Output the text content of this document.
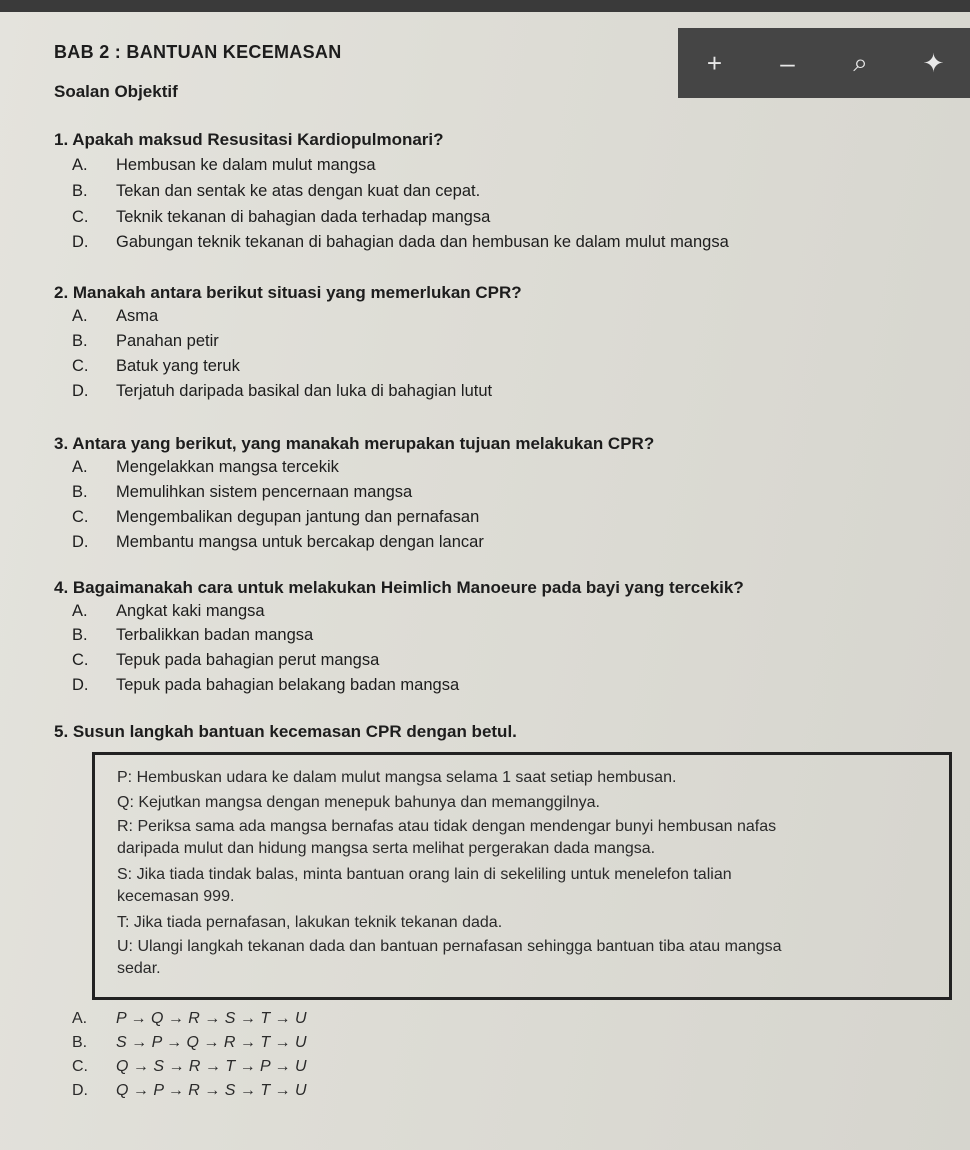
+	–	⌕	✦
BAB 2 : BANTUAN KECEMASAN
Soalan Objektif
1. Apakah maksud Resusitasi Kardiopulmonari?
A. Hembusan ke dalam mulut mangsa
B. Tekan dan sentak ke atas dengan kuat dan cepat.
C. Teknik tekanan di bahagian dada terhadap mangsa
D. Gabungan teknik tekanan di bahagian dada dan hembusan ke dalam mulut mangsa
2. Manakah antara berikut situasi yang memerlukan CPR?
A. Asma
B. Panahan petir
C. Batuk yang teruk
D. Terjatuh daripada basikal dan luka di bahagian lutut
3. Antara yang berikut, yang manakah merupakan tujuan melakukan CPR?
A. Mengelakkan mangsa tercekik
B. Memulihkan sistem pencernaan mangsa
C. Mengembalikan degupan jantung dan pernafasan
D. Membantu mangsa untuk bercakap dengan lancar
4. Bagaimanakah cara untuk melakukan Heimlich Manoeure pada bayi yang tercekik?
A. Angkat kaki mangsa
B. Terbalikkan badan mangsa
C. Tepuk pada bahagian perut mangsa
D. Tepuk pada bahagian belakang badan mangsa
5. Susun langkah bantuan kecemasan CPR dengan betul.
P: Hembuskan udara ke dalam mulut mangsa selama 1 saat setiap hembusan.
Q: Kejutkan mangsa dengan menepuk bahunya dan memanggilnya.
R: Periksa sama ada mangsa bernafas atau tidak dengan mendengar bunyi hembusan nafas
daripada mulut dan hidung mangsa serta melihat pergerakan dada mangsa.
S: Jika tiada tindak balas, minta bantuan orang lain di sekeliling untuk menelefon talian
kecemasan 999.
T: Jika tiada pernafasan, lakukan teknik tekanan dada.
U: Ulangi langkah tekanan dada dan bantuan pernafasan sehingga bantuan tiba atau mangsa
sedar.
A. P → Q → R → S → T → U
B. S → P → Q → R → T → U
C. Q → S → R → T → P → U
D. Q → P → R → S → T → U
